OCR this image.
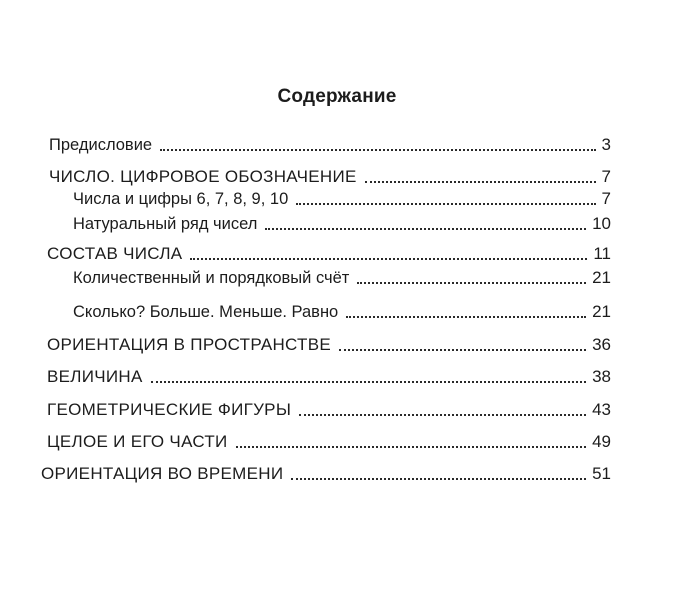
Содержание
Предисловие	3
ЧИСЛО. ЦИФРОВОЕ ОБОЗНАЧЕНИЕ	7
Числа и цифры 6, 7, 8, 9, 10	7
Натуральный ряд чисел	10
СОСТАВ ЧИСЛА	11
Количественный и порядковый счёт	21
Сколько? Больше. Меньше. Равно	21
ОРИЕНТАЦИЯ В ПРОСТРАНСТВЕ	36
ВЕЛИЧИНА	38
ГЕОМЕТРИЧЕСКИЕ ФИГУРЫ	43
ЦЕЛОЕ И ЕГО ЧАСТИ	49
ОРИЕНТАЦИЯ ВО ВРЕМЕНИ	51
